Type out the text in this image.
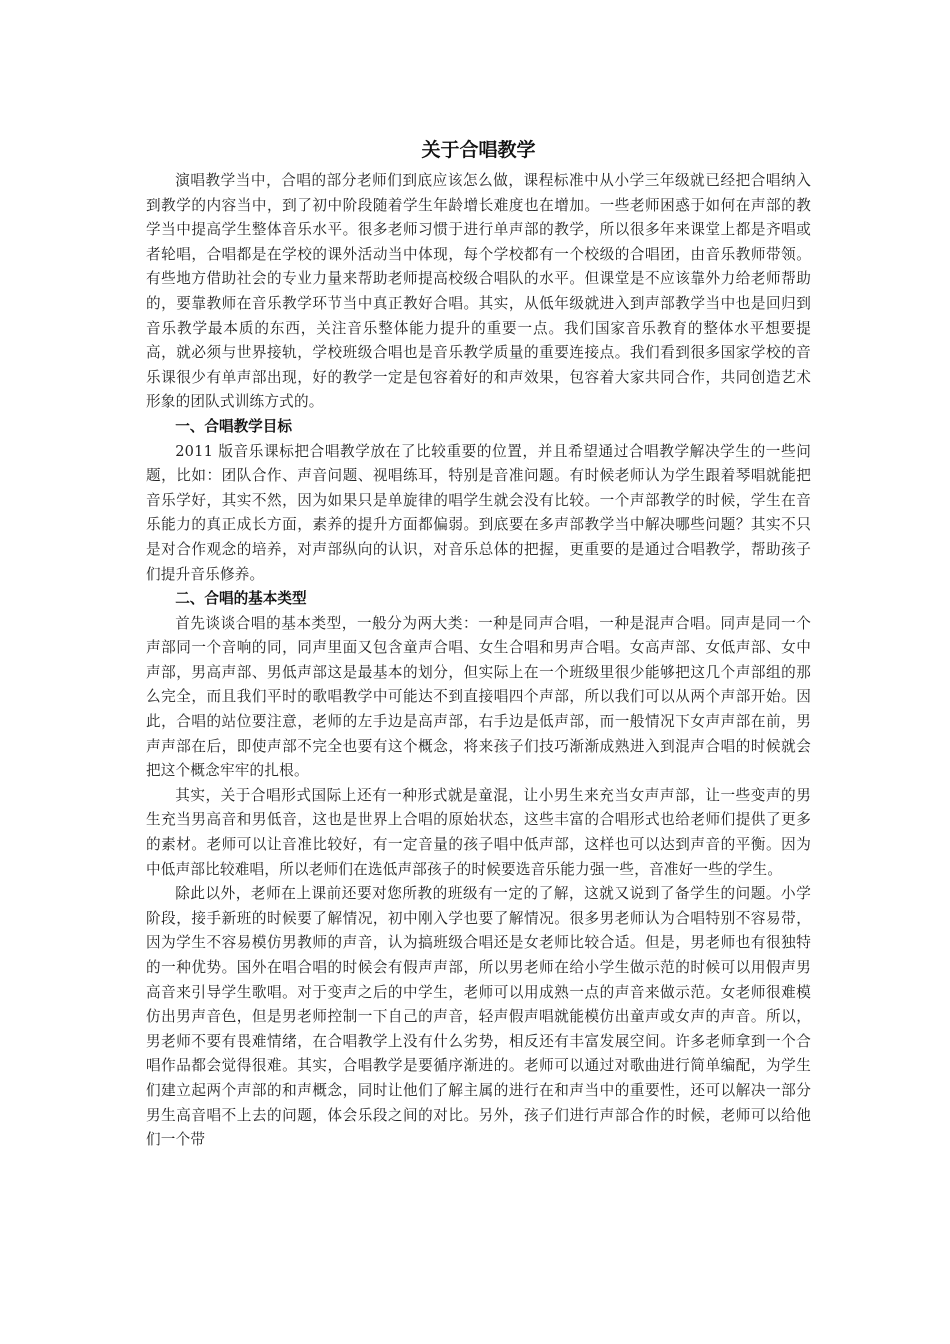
关于合唱教学

演唱教学当中，合唱的部分老师们到底应该怎么做，课程标准中从小学三年级就已经把合唱纳入到教学的内容当中，到了初中阶段随着学生年龄增长难度也在增加。一些老师困惑于如何在声部的教学当中提高学生整体音乐水平。很多老师习惯于进行单声部的教学，所以很多年来课堂上都是齐唱或者轮唱，合唱都是在学校的课外活动当中体现，每个学校都有一个校级的合唱团，由音乐教师带领。有些地方借助社会的专业力量来帮助老师提高校级合唱队的水平。但课堂是不应该靠外力给老师帮助的，要靠教师在音乐教学环节当中真正教好合唱。其实，从低年级就进入到声部教学当中也是回归到音乐教学最本质的东西，关注音乐整体能力提升的重要一点。我们国家音乐教育的整体水平想要提高，就必须与世界接轨，学校班级合唱也是音乐教学质量的重要连接点。我们看到很多国家学校的音乐课很少有单声部出现，好的教学一定是包容着好的和声效果，包容着大家共同合作，共同创造艺术形象的团队式训练方式的。

一、合唱教学目标

2011 版音乐课标把合唱教学放在了比较重要的位置，并且希望通过合唱教学解决学生的一些问题，比如：团队合作、声音问题、视唱练耳，特别是音准问题。有时候老师认为学生跟着琴唱就能把音乐学好，其实不然，因为如果只是单旋律的唱学生就会没有比较。一个声部教学的时候，学生在音乐能力的真正成长方面，素养的提升方面都偏弱。到底要在多声部教学当中解决哪些问题？其实不只是对合作观念的培养，对声部纵向的认识，对音乐总体的把握，更重要的是通过合唱教学，帮助孩子们提升音乐修养。

二、合唱的基本类型

首先谈谈合唱的基本类型，一般分为两大类：一种是同声合唱，一种是混声合唱。同声是同一个声部同一个音响的同，同声里面又包含童声合唱、女生合唱和男声合唱。女高声部、女低声部、女中声部，男高声部、男低声部这是最基本的划分，但实际上在一个班级里很少能够把这几个声部组的那么完全，而且我们平时的歌唱教学中可能达不到直接唱四个声部，所以我们可以从两个声部开始。因此，合唱的站位要注意，老师的左手边是高声部，右手边是低声部，而一般情况下女声声部在前，男声声部在后，即使声部不完全也要有这个概念，将来孩子们技巧渐渐成熟进入到混声合唱的时候就会把这个概念牢牢的扎根。

其实，关于合唱形式国际上还有一种形式就是童混，让小男生来充当女声声部，让一些变声的男生充当男高音和男低音，这也是世界上合唱的原始状态，这些丰富的合唱形式也给老师们提供了更多的素材。老师可以让音准比较好，有一定音量的孩子唱中低声部，这样也可以达到声音的平衡。因为中低声部比较难唱，所以老师们在选低声部孩子的时候要选音乐能力强一些，音准好一些的学生。

除此以外，老师在上课前还要对您所教的班级有一定的了解，这就又说到了备学生的问题。小学阶段，接手新班的时候要了解情况，初中刚入学也要了解情况。很多男老师认为合唱特别不容易带，因为学生不容易模仿男教师的声音，认为搞班级合唱还是女老师比较合适。但是，男老师也有很独特的一种优势。国外在唱合唱的时候会有假声声部，所以男老师在给小学生做示范的时候可以用假声男高音来引导学生歌唱。对于变声之后的中学生，老师可以用成熟一点的声音来做示范。女老师很难模仿出男声音色，但是男老师控制一下自己的声音，轻声假声唱就能模仿出童声或女声的声音。所以，男老师不要有畏难情绪，在合唱教学上没有什么劣势，相反还有丰富发展空间。许多老师拿到一个合唱作品都会觉得很难。其实，合唱教学是要循序渐进的。老师可以通过对歌曲进行简单编配，为学生们建立起两个声部的和声概念，同时让他们了解主属的进行在和声当中的重要性，还可以解决一部分男生高音唱不上去的问题，体会乐段之间的对比。另外，孩子们进行声部合作的时候，老师可以给他们一个带
